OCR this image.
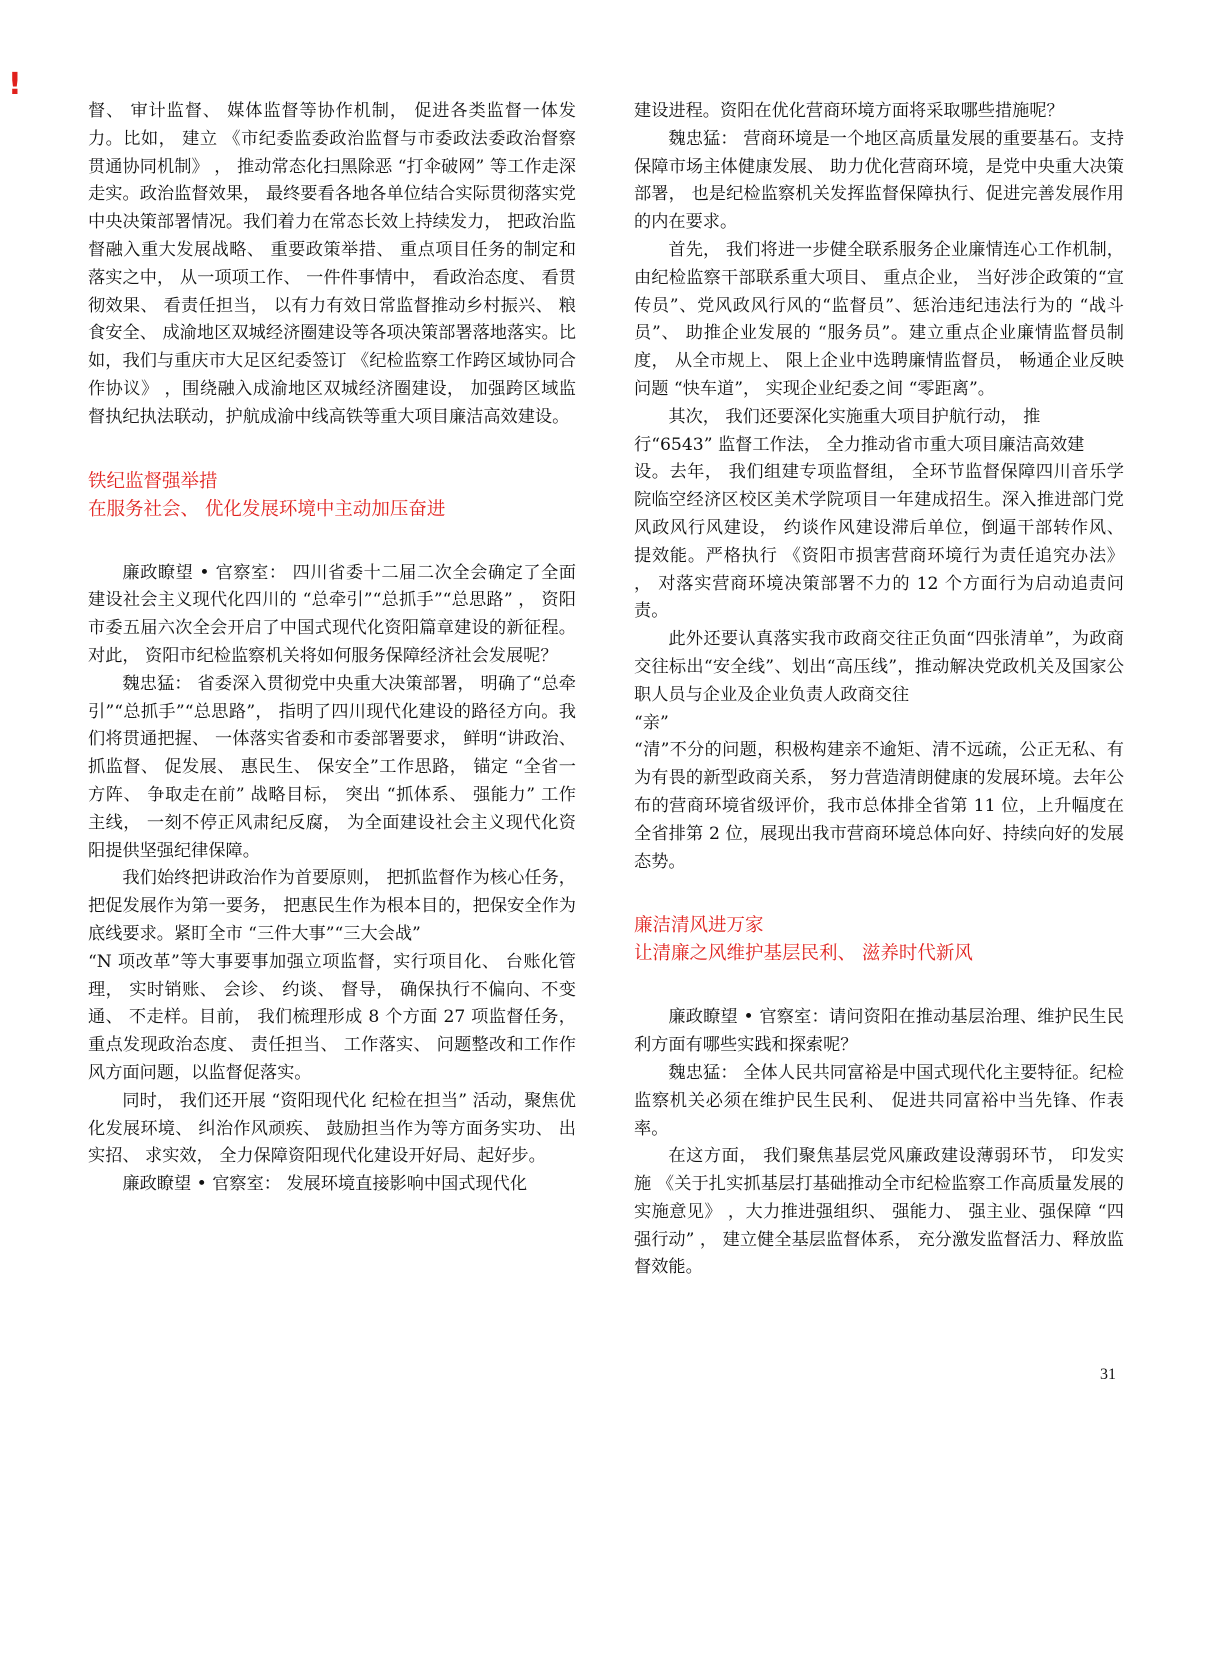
!

督、 审计监督、 媒体监督等协作机制， 促进各类监督一体发力。比如， 建立 《市纪委监委政治监督与市委政法委政治督察贯通协同机制》 ， 推动常态化扫黑除恶 “打伞破网” 等工作走深走实。政治监督效果， 最终要看各地各单位结合实际贯彻落实党中央决策部署情况。我们着力在常态长效上持续发力， 把政治监督融入重大发展战略、 重要政策举措、 重点项目任务的制定和落实之中， 从一项项工作、 一件件事情中， 看政治态度、 看贯彻效果、 看责任担当， 以有力有效日常监督推动乡村振兴、 粮食安全、 成渝地区双城经济圈建设等各项决策部署落地落实。比如，我们与重庆市大足区纪委签订 《纪检监察工作跨区域协同合作协议》 ，围绕融入成渝地区双城经济圈建设， 加强跨区域监督执纪执法联动，护航成渝中线高铁等重大项目廉洁高效建设。

铁纪监督强举措
在服务社会、 优化发展环境中主动加压奋进

廉政瞭望 • 官察室： 四川省委十二届二次全会确定了全面建设社会主义现代化四川的 “总牵引”“总抓手”“总思路” ， 资阳市委五届六次全会开启了中国式现代化资阳篇章建设的新征程。对此， 资阳市纪检监察机关将如何服务保障经济社会发展呢？

魏忠猛： 省委深入贯彻党中央重大决策部署， 明确了“总牵引”“总抓手”“总思路”， 指明了四川现代化建设的路径方向。我们将贯通把握、 一体落实省委和市委部署要求， 鲜明“讲政治、 抓监督、 促发展、 惠民生、 保安全”工作思路， 锚定 “全省一方阵、 争取走在前” 战略目标， 突出 “抓体系、 强能力” 工作主线， 一刻不停正风肃纪反腐， 为全面建设社会主义现代化资阳提供坚强纪律保障。

我们始终把讲政治作为首要原则， 把抓监督作为核心任务， 把促发展作为第一要务， 把惠民生作为根本目的，把保安全作为底线要求。紧盯全市 “三件大事”“三大会战”

“N 项改革”等大事要事加强立项监督，实行项目化、 台账化管理， 实时销账、 会诊、 约谈、 督导， 确保执行不偏向、不变通、 不走样。目前， 我们梳理形成 8 个方面 27 项监督任务，重点发现政治态度、 责任担当、 工作落实、 问题整改和工作作风方面问题，以监督促落实。

同时， 我们还开展 “资阳现代化 纪检在担当” 活动，聚焦优化发展环境、 纠治作风顽疾、 鼓励担当作为等方面务实功、 出实招、 求实效， 全力保障资阳现代化建设开好局、起好步。

廉政瞭望 • 官察室： 发展环境直接影响中国式现代化

建设进程。资阳在优化营商环境方面将采取哪些措施呢？

魏忠猛： 营商环境是一个地区高质量发展的重要基石。支持保障市场主体健康发展、 助力优化营商环境，是党中央重大决策部署， 也是纪检监察机关发挥监督保障执行、促进完善发展作用的内在要求。

首先， 我们将进一步健全联系服务企业廉情连心工作机制， 由纪检监察干部联系重大项目、 重点企业， 当好涉企政策的“宣传员”、党风政风行风的“监督员”、惩治违纪违法行为的 “战斗员”、 助推企业发展的 “服务员”。建立重点企业廉情监督员制度， 从全市规上、 限上企业中选聘廉情监督员， 畅通企业反映问题 “快车道”， 实现企业纪委之间 “零距离”。

其次， 我们还要深化实施重大项目护航行动， 推

行“6543” 监督工作法， 全力推动省市重大项目廉洁高效建

设。去年， 我们组建专项监督组， 全环节监督保障四川音乐学院临空经济区校区美术学院项目一年建成招生。深入推进部门党风政风行风建设， 约谈作风建设滞后单位，倒逼干部转作风、 提效能。严格执行 《资阳市损害营商环境行为责任追究办法》 ， 对落实营商环境决策部署不力的 12 个方面行为启动追责问责。

此外还要认真落实我市政商交往正负面“四张清单”，为政商交往标出“安全线”、划出“高压线”，推动解决党政机关及国家公职人员与企业及企业负责人政商交往

“亲”

“清”不分的问题，积极构建亲不逾矩、清不远疏，公正无私、有为有畏的新型政商关系， 努力营造清朗健康的发展环境。去年公布的营商环境省级评价，我市总体排全省第 11 位，上升幅度在全省排第 2 位，展现出我市营商环境总体向好、持续向好的发展态势。

廉洁清风进万家
让清廉之风维护基层民利、 滋养时代新风

廉政瞭望 • 官察室：请问资阳在推动基层治理、维护民生民利方面有哪些实践和探索呢？

魏忠猛： 全体人民共同富裕是中国式现代化主要特征。纪检监察机关必须在维护民生民利、 促进共同富裕中当先锋、作表率。

在这方面， 我们聚焦基层党风廉政建设薄弱环节， 印发实施 《关于扎实抓基层打基础推动全市纪检监察工作高质量发展的实施意见》 ，大力推进强组织、 强能力、 强主业、强保障 “四强行动” ， 建立健全基层监督体系， 充分激发监督活力、释放监督效能。

31
